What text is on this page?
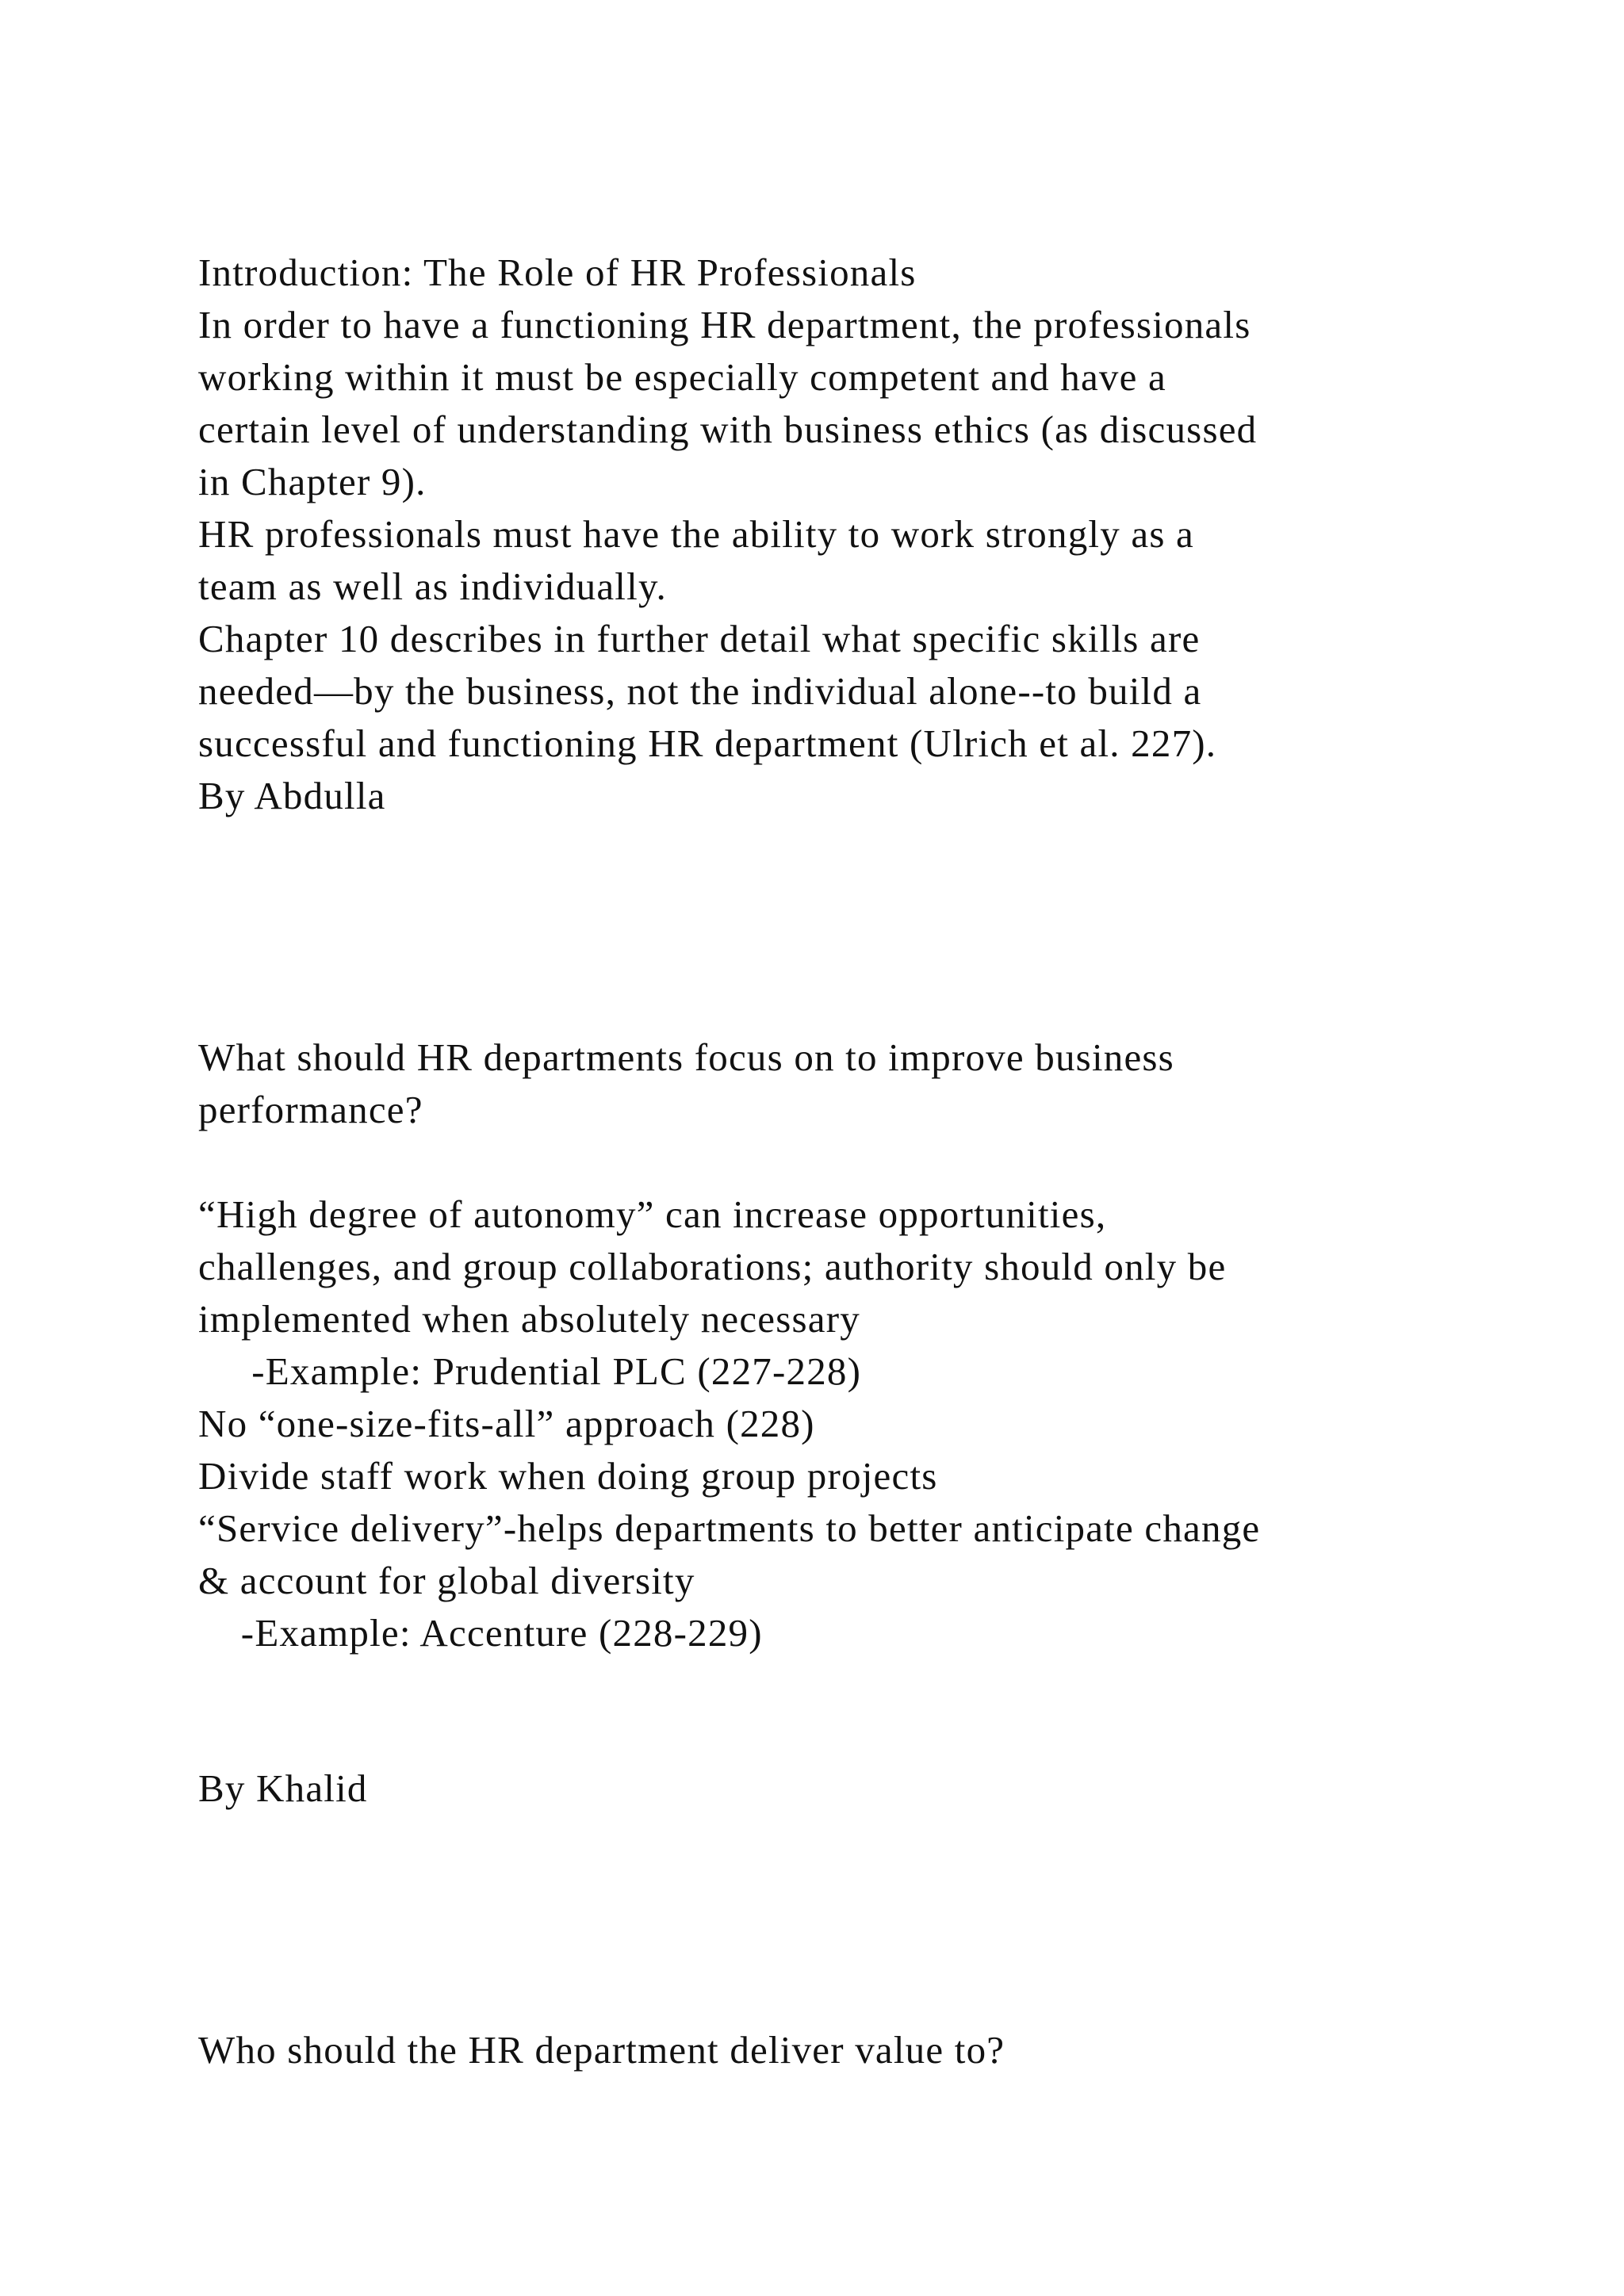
Introduction: The Role of HR Professionals
In order to have a functioning HR department, the professionals
working within it must be especially competent and have a
certain level of understanding with business ethics (as discussed
in Chapter 9).
HR professionals must have the ability to work strongly as a
team as well as individually.
Chapter 10 describes in further detail what specific skills are
needed—by the business, not the individual alone--to build a
successful and functioning HR department (Ulrich et al. 227).
By Abdulla
What should HR departments focus on to improve business
performance?
“High degree of autonomy” can increase opportunities,
challenges, and group collaborations; authority should only be
implemented when absolutely necessary
-Example: Prudential PLC (227-228)
No “one-size-fits-all” approach (228)
Divide staff work when doing group projects
“Service delivery”-helps departments to better anticipate change
& account for global diversity
-Example: Accenture (228-229)
By Khalid
Who should the HR department deliver value to?
